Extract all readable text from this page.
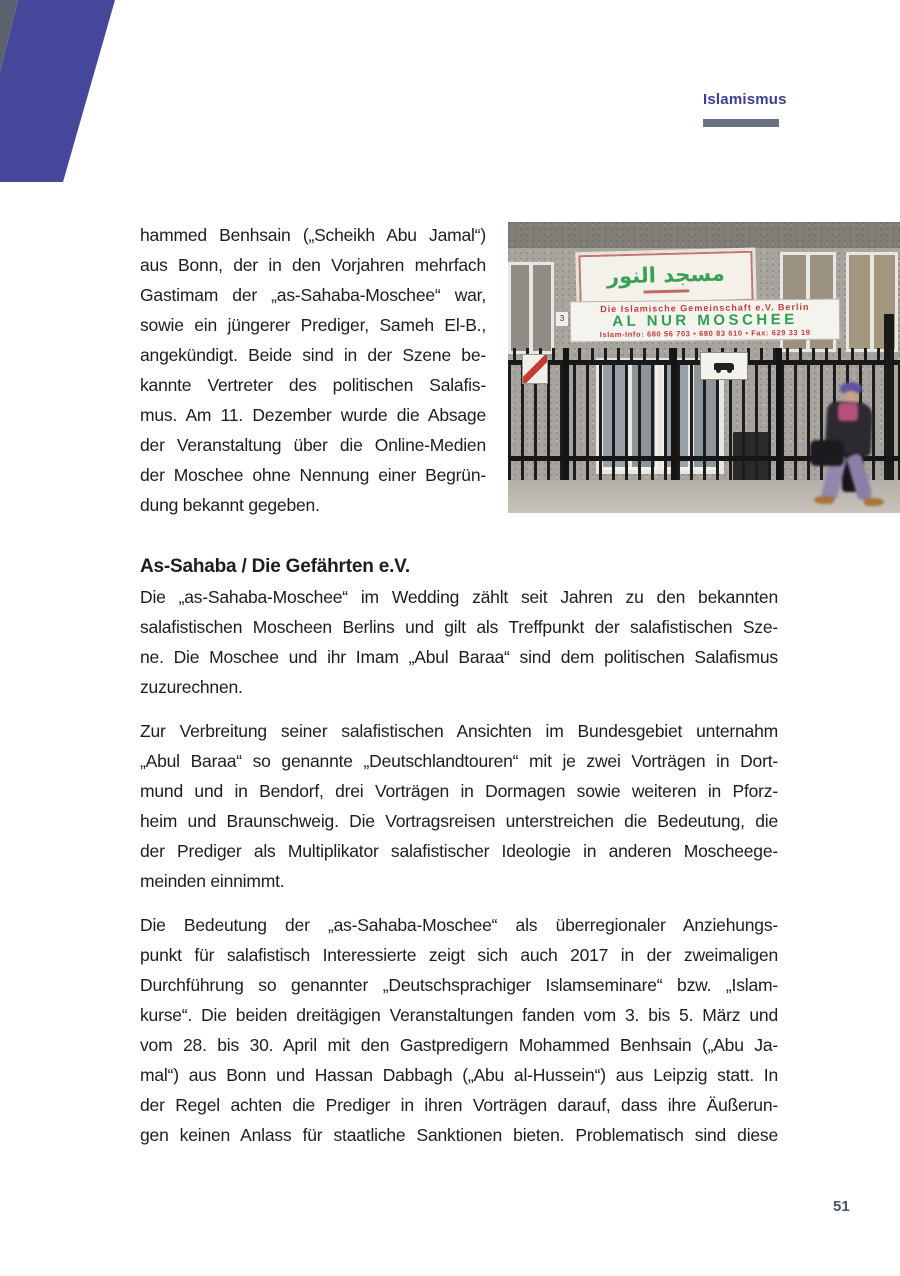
Islamismus
hammed Benhsain („Scheikh Abu Jamal“)
aus Bonn, der in den Vorjahren mehrfach
Gastimam der „as-Sahaba-Moschee“ war,
sowie ein jüngerer Prediger, Sameh El-B.,
angekündigt. Beide sind in der Szene be-
kannte Vertreter des politischen Salafis-
mus. Am 11. Dezember wurde die Absage
der Veranstaltung über die Online-Medien
der Moschee ohne Nennung einer Begrün-
dung bekannt gegeben.
مسجد النور
Die Islamische Gemeinschaft e.V. Berlin
AL NUR MOSCHEE
Islam-Info: 680 56 703 • 680 83 610 • Fax: 629 33 19
3
As-Sahaba / Die Gefährten e.V.
Die „as-Sahaba-Moschee“ im Wedding zählt seit Jahren zu den bekannten
salafistischen Moscheen Berlins und gilt als Treffpunkt der salafistischen Sze-
ne. Die Moschee und ihr Imam „Abul Baraa“ sind dem politischen Salafismus
zuzurechnen.
Zur Verbreitung seiner salafistischen Ansichten im Bundesgebiet unternahm
„Abul Baraa“ so genannte „Deutschlandtouren“ mit je zwei Vorträgen in Dort-
mund und in Bendorf, drei Vorträgen in Dormagen sowie weiteren in Pforz-
heim und Braunschweig. Die Vortragsreisen unterstreichen die Bedeutung, die
der Prediger als Multiplikator salafistischer Ideologie in anderen Moscheege-
meinden einnimmt.
Die Bedeutung der „as-Sahaba-Moschee“ als überregionaler Anziehungs-
punkt für salafistisch Interessierte zeigt sich auch 2017 in der zweimaligen
Durchführung so genannter „Deutschsprachiger Islamseminare“ bzw. „Islam-
kurse“. Die beiden dreitägigen Veranstaltungen fanden vom 3. bis 5. März und
vom 28. bis 30. April mit den Gastpredigern Mohammed Benhsain („Abu Ja-
mal“) aus Bonn und Hassan Dabbagh („Abu al-Hussein“) aus Leipzig statt. In
der Regel achten die Prediger in ihren Vorträgen darauf, dass ihre Äußerun-
gen keinen Anlass für staatliche Sanktionen bieten. Problematisch sind diese
51
